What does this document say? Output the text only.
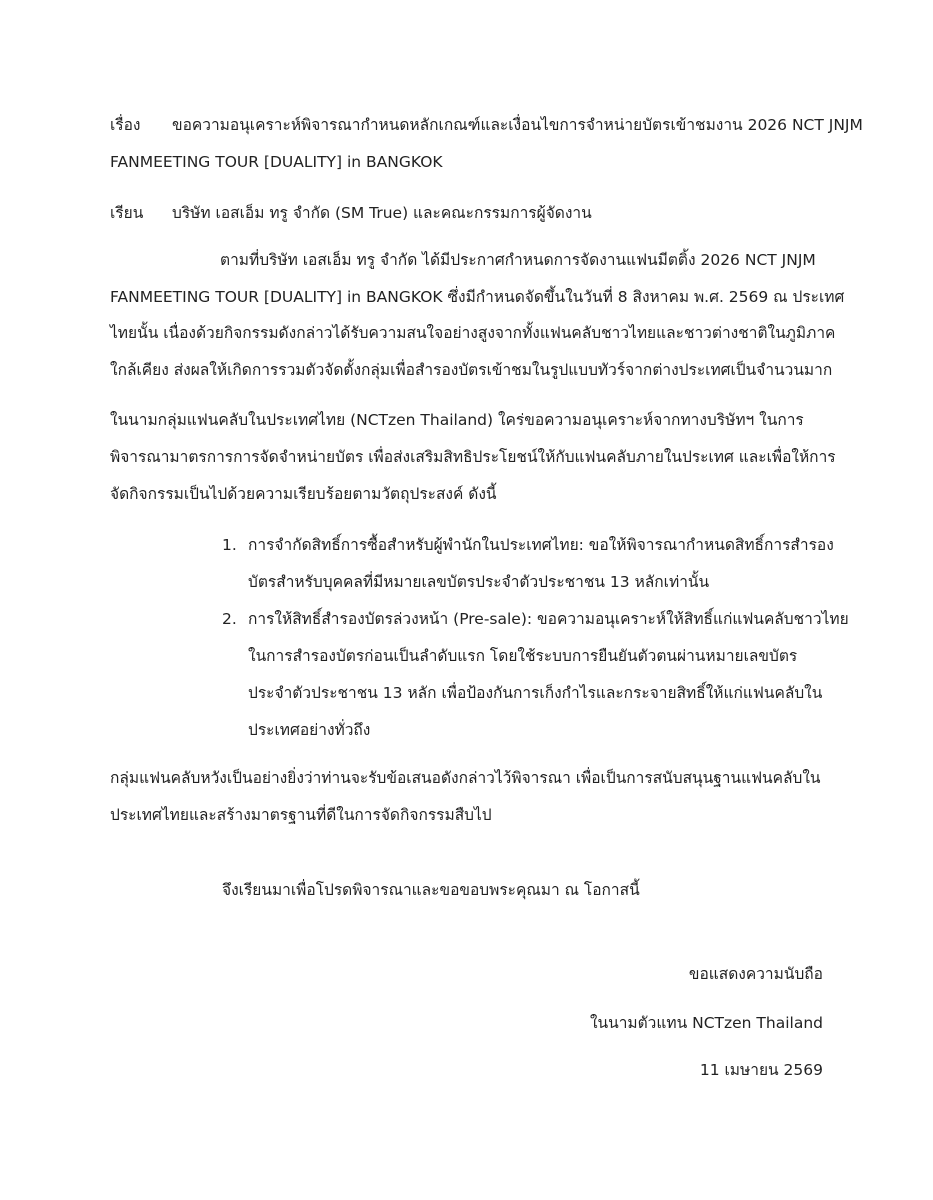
เรื่อง ขอความอนุเคราะห์พิจารณากำหนดหลักเกณฑ์และเงื่อนไขการจำหน่ายบัตรเข้าชมงาน 2026 NCT JNJM
FANMEETING TOUR [DUALITY] in BANGKOK
เรียน บริษัท เอสเอ็ม ทรู จำกัด (SM True) และคณะกรรมการผู้จัดงาน
ตามที่บริษัท เอสเอ็ม ทรู จำกัด ได้มีประกาศกำหนดการจัดงานแฟนมีตติ้ง 2026 NCT JNJM
FANMEETING TOUR [DUALITY] in BANGKOK ซึ่งมีกำหนดจัดขึ้นในวันที่ 8 สิงหาคม พ.ศ. 2569 ณ ประเทศ
ไทยนั้น เนื่องด้วยกิจกรรมดังกล่าวได้รับความสนใจอย่างสูงจากทั้งแฟนคลับชาวไทยและชาวต่างชาติในภูมิภาค
ใกล้เคียง ส่งผลให้เกิดการรวมตัวจัดตั้งกลุ่มเพื่อสำรองบัตรเข้าชมในรูปแบบทัวร์จากต่างประเทศเป็นจำนวนมาก
ในนามกลุ่มแฟนคลับในประเทศไทย (NCTzen Thailand) ใคร่ขอความอนุเคราะห์จากทางบริษัทฯ ในการ
พิจารณามาตรการการจัดจำหน่ายบัตร เพื่อส่งเสริมสิทธิประโยชน์ให้กับแฟนคลับภายในประเทศ และเพื่อให้การ
จัดกิจกรรมเป็นไปด้วยความเรียบร้อยตามวัตถุประสงค์ ดังนี้
1. การจำกัดสิทธิ์การซื้อสำหรับผู้พำนักในประเทศไทย: ขอให้พิจารณากำหนดสิทธิ์การสำรอง
บัตรสำหรับบุคคลที่มีหมายเลขบัตรประจำตัวประชาชน 13 หลักเท่านั้น
2. การให้สิทธิ์สำรองบัตรล่วงหน้า (Pre-sale): ขอความอนุเคราะห์ให้สิทธิ์แก่แฟนคลับชาวไทย
ในการสำรองบัตรก่อนเป็นลำดับแรก โดยใช้ระบบการยืนยันตัวตนผ่านหมายเลขบัตร
ประจำตัวประชาชน 13 หลัก เพื่อป้องกันการเก็งกำไรและกระจายสิทธิ์ให้แก่แฟนคลับใน
ประเทศอย่างทั่วถึง
กลุ่มแฟนคลับหวังเป็นอย่างยิ่งว่าท่านจะรับข้อเสนอดังกล่าวไว้พิจารณา เพื่อเป็นการสนับสนุนฐานแฟนคลับใน
ประเทศไทยและสร้างมาตรฐานที่ดีในการจัดกิจกรรมสืบไป
จึงเรียนมาเพื่อโปรดพิจารณาและขอขอบพระคุณมา ณ โอกาสนี้
ขอแสดงความนับถือ
ในนามตัวแทน NCTzen Thailand
11 เมษายน 2569
